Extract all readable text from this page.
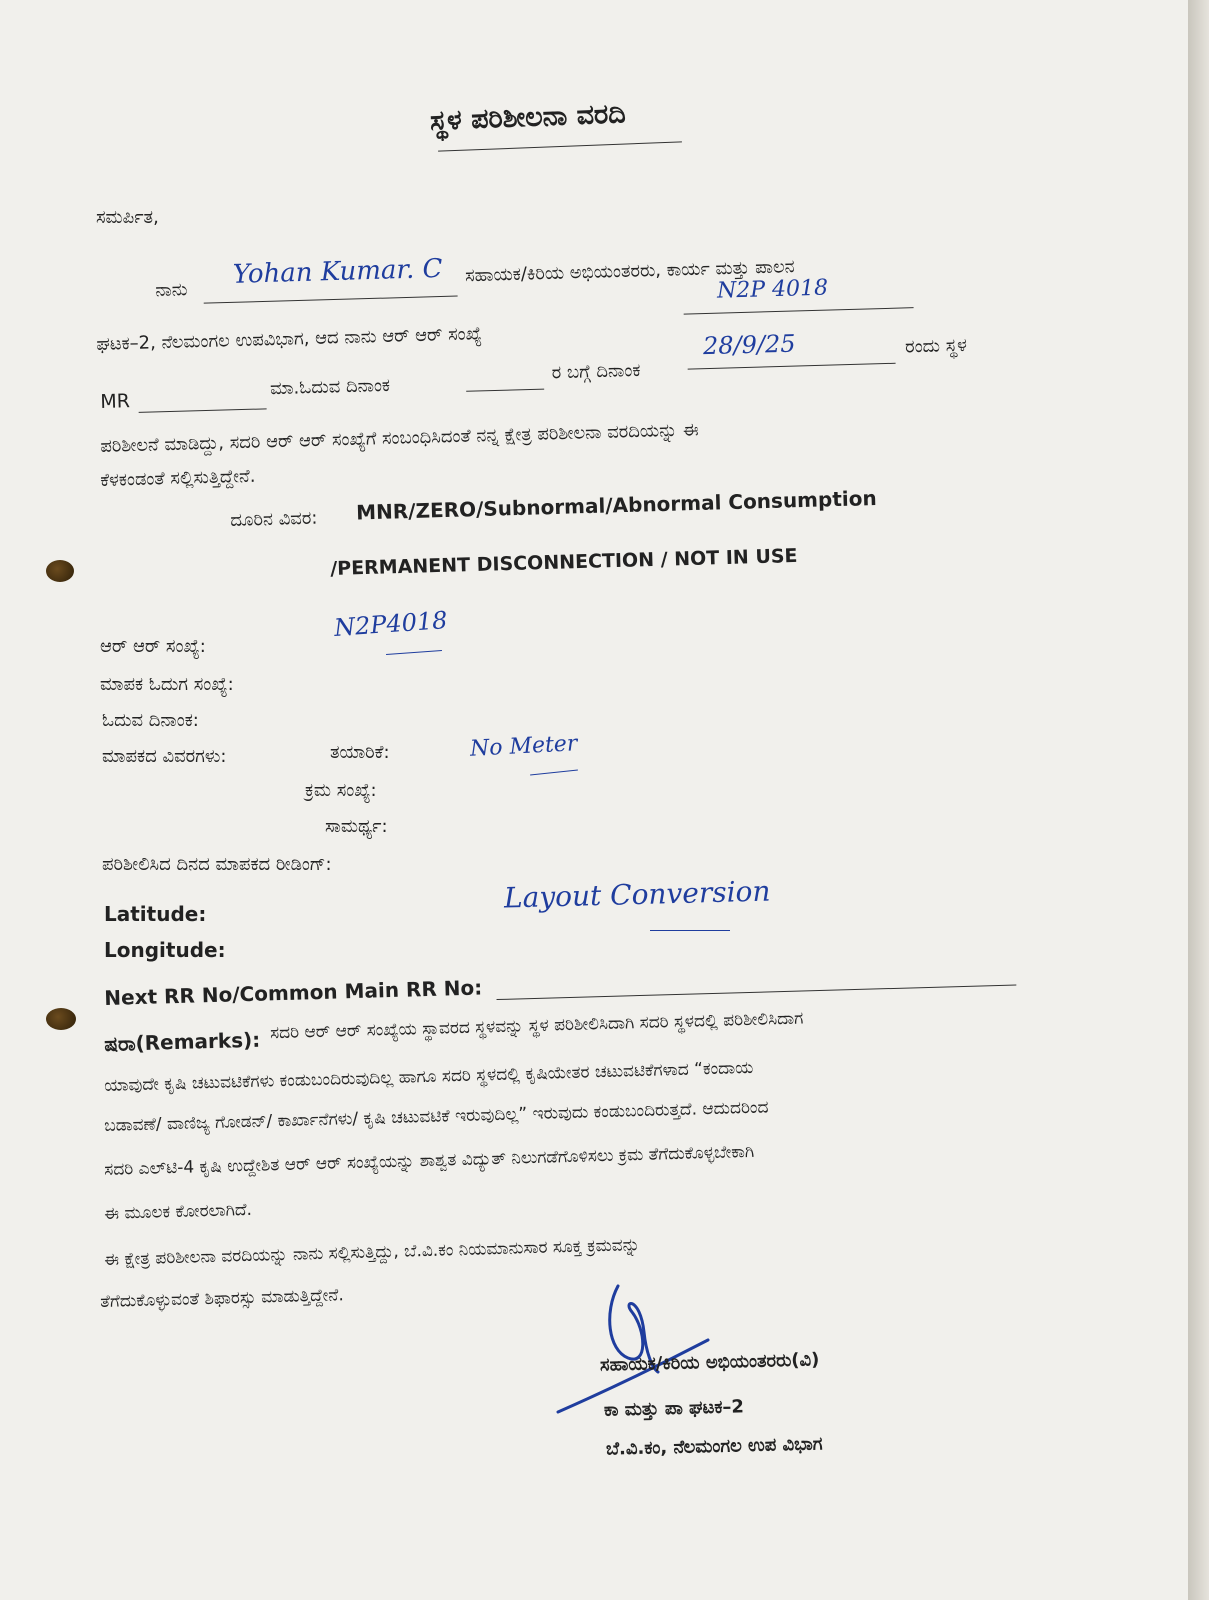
ಸ್ಥಳ ಪರಿಶೀಲನಾ ವರದಿ
ಸಮರ್ಪಿತ,
ನಾನು
Yohan Kumar. C ಸಹಾಯಕ/ಕಿರಿಯ ಅಭಿಯಂತರರು, ಕಾರ್ಯ ಮತ್ತು ಪಾಲನ
ಘಟಕ–2, ನೆಲಮಂಗಲ ಉಪವಿಭಾಗ, ಆದ ನಾನು ಆರ್ ಆರ್ ಸಂಖ್ಯೆ
N2P 4018
MR
ಮಾ.ಓದುವ ದಿನಾಂಕ
ರ ಬಗ್ಗೆ ದಿನಾಂಕ
28/9/25	ರಂದು ಸ್ಥಳ
ಪರಿಶೀಲನೆ ಮಾಡಿದ್ದು, ಸದರಿ ಆರ್ ಆರ್ ಸಂಖ್ಯೆಗೆ ಸಂಬಂಧಿಸಿದಂತೆ ನನ್ನ ಕ್ಷೇತ್ರ ಪರಿಶೀಲನಾ ವರದಿಯನ್ನು ಈ
ಕೆಳಕಂಡಂತೆ ಸಲ್ಲಿಸುತ್ತಿದ್ದೇನೆ.
ದೂರಿನ ವಿವರ: MNR/ZERO/Subnormal/Abnormal Consumption
/PERMANENT DISCONNECTION / NOT IN USE
ಆರ್ ಆರ್ ಸಂಖ್ಯೆ:
N2P4018
ಮಾಪಕ ಓದುಗ ಸಂಖ್ಯೆ:
ಓದುವ ದಿನಾಂಕ:
ಮಾಪಕದ ವಿವರಗಳು:	ತಯಾರಿಕೆ:	No Meter
ಕ್ರಮ ಸಂಖ್ಯೆ:
ಸಾಮರ್ಥ್ಯ:
ಪರಿಶೀಲಿಸಿದ ದಿನದ ಮಾಪಕದ ರೀಡಿಂಗ್:
Layout Conversion
Latitude:
Longitude:
Next RR No/Common Main RR No:
ಷರಾ(Remarks): ಸದರಿ ಆರ್ ಆರ್ ಸಂಖ್ಯೆಯ ಸ್ಥಾವರದ ಸ್ಥಳವನ್ನು ಸ್ಥಳ ಪರಿಶೀಲಿಸಿದಾಗಿ ಸದರಿ ಸ್ಥಳದಲ್ಲಿ ಪರಿಶೀಲಿಸಿದಾಗ
ಯಾವುದೇ ಕೃಷಿ ಚಟುವಟಿಕೆಗಳು ಕಂಡುಬಂದಿರುವುದಿಲ್ಲ ಹಾಗೂ ಸದರಿ ಸ್ಥಳದಲ್ಲಿ ಕೃಷಿಯೇತರ ಚಟುವಟಿಕೆಗಳಾದ “ಕಂದಾಯ
ಬಡಾವಣೆ/ ವಾಣಿಜ್ಯ ಗೋಡನ್/ ಕಾರ್ಖಾನೆಗಳು/ ಕೃಷಿ ಚಟುವಟಿಕೆ ಇರುವುದಿಲ್ಲ” ಇರುವುದು ಕಂಡುಬಂದಿರುತ್ತದೆ. ಆದುದರಿಂದ
ಸದರಿ ಎಲ್‌ಟಿ-4 ಕೃಷಿ ಉದ್ದೇಶಿತ ಆರ್ ಆರ್ ಸಂಖ್ಯೆಯನ್ನು ಶಾಶ್ವತ ವಿದ್ಯುತ್ ನಿಲುಗಡೆಗೊಳಿಸಲು ಕ್ರಮ ತೆಗೆದುಕೊಳ್ಳಬೇಕಾಗಿ
ಈ ಮೂಲಕ ಕೋರಲಾಗಿದೆ.
ಈ ಕ್ಷೇತ್ರ ಪರಿಶೀಲನಾ ವರದಿಯನ್ನು ನಾನು ಸಲ್ಲಿಸುತ್ತಿದ್ದು, ಬೆ.ವಿ.ಕಂ ನಿಯಮಾನುಸಾರ ಸೂಕ್ತ ಕ್ರಮವನ್ನು
ತೆಗೆದುಕೊಳ್ಳುವಂತೆ ಶಿಫಾರಸ್ಸು ಮಾಡುತ್ತಿದ್ದೇನೆ.
ಸಹಾಯಕ/ಕಿರಿಯ ಅಭಿಯಂತರರು(ವಿ)
ಕಾ ಮತ್ತು ಪಾ ಘಟಕ–2
ಬೆ.ವಿ.ಕಂ, ನೆಲಮಂಗಲ ಉಪ ವಿಭಾಗ
